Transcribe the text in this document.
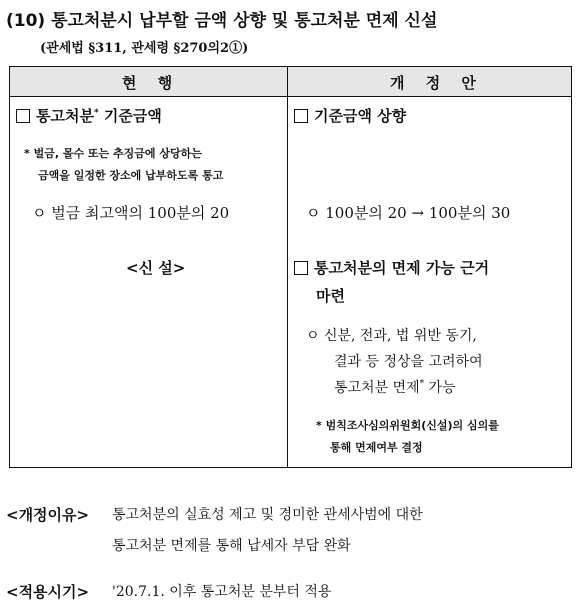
(10) 통고처분시 납부할 금액 상향 및 통고처분 면제 신설
(관세법 §311, 관세령 §270의2①)
현 행	개 정 안
통고처분* 기준금액
* 벌금, 몰수 또는 추징금에 상당하는
금액을 일정한 장소에 납부하도록 통고
ㅇ 벌금 최고액의 100분의 20
<신 설>
기준금액 상향
ㅇ 100분의 20 → 100분의 30
통고처분의 면제 가능 근거
마련
ㅇ 신분, 전과, 법 위반 동기,
결과 등 정상을 고려하여
통고처분 면제* 가능
* 범칙조사심의위원회(신설)의 심의를
통해 면제여부 결정
<개정이유> 통고처분의 실효성 제고 및 경미한 관세사범에 대한
통고처분 면제를 통해 납세자 부담 완화
<적용시기> '20.7.1. 이후 통고처분 분부터 적용
